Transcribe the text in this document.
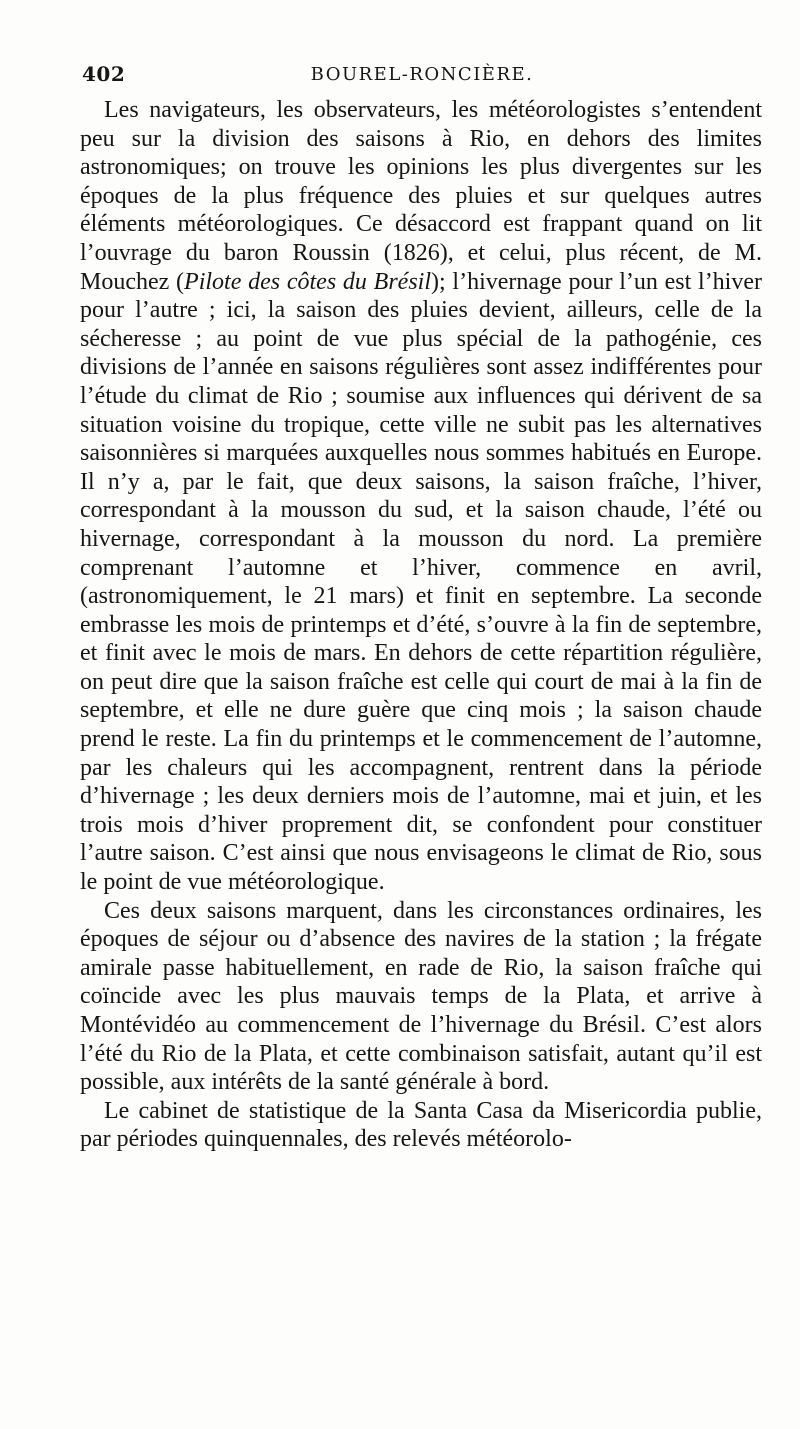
402	BOUREL-RONCIÈRE.

Les navigateurs, les observateurs, les météorologistes s’entendent peu sur la division des saisons à Rio, en dehors des limites astronomiques; on trouve les opinions les plus divergentes sur les époques de la plus fréquence des pluies et sur quelques autres éléments météorologiques. Ce désaccord est frappant quand on lit l’ouvrage du baron Roussin (1826), et celui, plus récent, de M. Mouchez (Pilote des côtes du Brésil); l’hivernage pour l’un est l’hiver pour l’autre ; ici, la saison des pluies devient, ailleurs, celle de la sécheresse ; au point de vue plus spécial de la pathogénie, ces divisions de l’année en saisons régulières sont assez indifférentes pour l’étude du climat de Rio ; soumise aux influences qui dérivent de sa situation voisine du tropique, cette ville ne subit pas les alternatives saisonnières si marquées auxquelles nous sommes habitués en Europe. Il n’y a, par le fait, que deux saisons, la saison fraîche, l’hiver, correspondant à la mousson du sud, et la saison chaude, l’été ou hivernage, correspondant à la mousson du nord. La première comprenant l’automne et l’hiver, commence en avril, (astronomiquement, le 21 mars) et finit en septembre. La seconde embrasse les mois de printemps et d’été, s’ouvre à la fin de septembre, et finit avec le mois de mars. En dehors de cette répartition régulière, on peut dire que la saison fraîche est celle qui court de mai à la fin de septembre, et elle ne dure guère que cinq mois ; la saison chaude prend le reste. La fin du printemps et le commencement de l’automne, par les chaleurs qui les accompagnent, rentrent dans la période d’hivernage ; les deux derniers mois de l’automne, mai et juin, et les trois mois d’hiver proprement dit, se confondent pour constituer l’autre saison. C’est ainsi que nous envisageons le climat de Rio, sous le point de vue météorologique.

Ces deux saisons marquent, dans les circonstances ordinaires, les époques de séjour ou d’absence des navires de la station ; la frégate amirale passe habituellement, en rade de Rio, la saison fraîche qui coïncide avec les plus mauvais temps de la Plata, et arrive à Montévidéo au commencement de l’hivernage du Brésil. C’est alors l’été du Rio de la Plata, et cette combinaison satisfait, autant qu’il est possible, aux intérêts de la santé générale à bord.

Le cabinet de statistique de la Santa Casa da Misericordia publie, par périodes quinquennales, des relevés météorolo-
